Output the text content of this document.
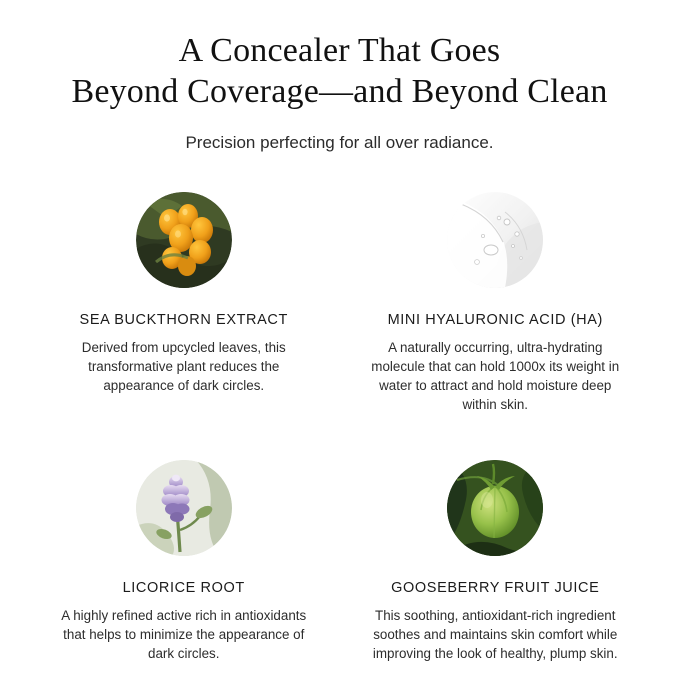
A Concealer That Goes
Beyond Coverage—and Beyond Clean
Precision perfecting for all over radiance.
SEA BUCKTHORN EXTRACT
Derived from upcycled leaves, this transformative plant reduces the appearance of dark circles.
MINI HYALURONIC ACID (HA)
A naturally occurring, ultra-hydrating molecule that can hold 1000x its weight in water to attract and hold moisture deep within skin.
LICORICE ROOT
A highly refined active rich in antioxidants that helps to minimize the appearance of dark circles.
GOOSEBERRY FRUIT JUICE
This soothing, antioxidant-rich ingredient soothes and maintains skin comfort while improving the look of healthy, plump skin.
